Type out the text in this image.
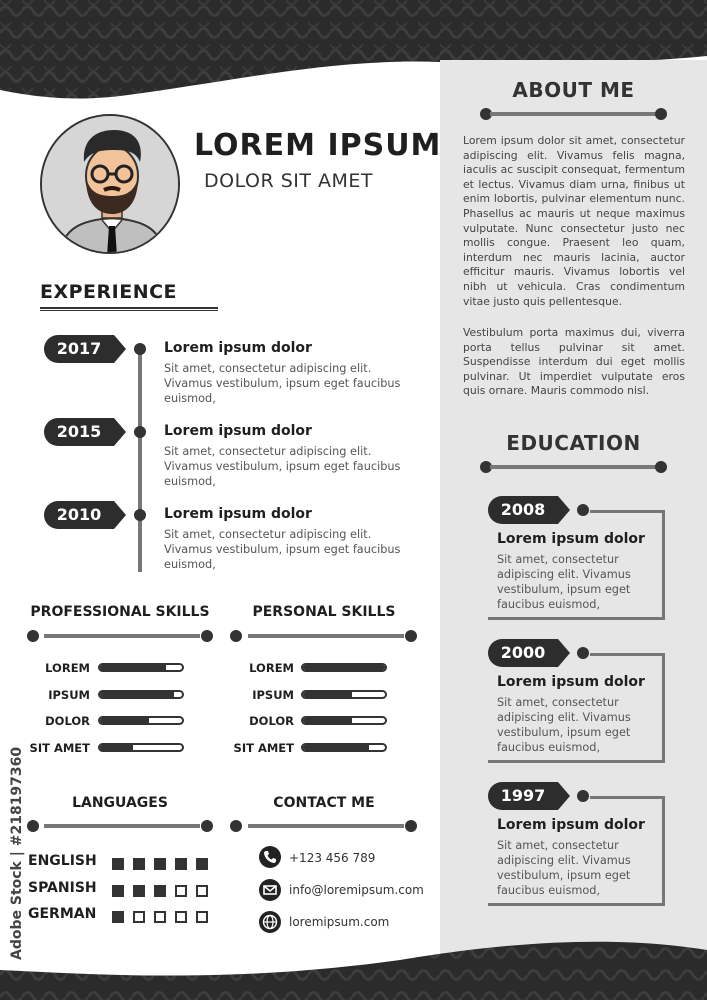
LOREM IPSUM
DOLOR SIT AMET
EXPERIENCE
2017	Lorem ipsum dolor
Sit amet, consectetur adipiscing elit. Vivamus vestibulum, ipsum eget faucibus euismod,
2015	Lorem ipsum dolor
Sit amet, consectetur adipiscing elit. Vivamus vestibulum, ipsum eget faucibus euismod,
2010	Lorem ipsum dolor
Sit amet, consectetur adipiscing elit. Vivamus vestibulum, ipsum eget faucibus euismod,
ABOUT ME
Lorem ipsum dolor sit amet, consectetur adipiscing elit. Vivamus felis magna, iaculis ac suscipit consequat, fermentum et lectus. Vivamus diam urna, finibus ut enim lobortis, pulvinar elementum nunc. Phasellus ac mauris ut neque maximus vulputate. Nunc consectetur justo nec mollis congue. Praesent leo quam, interdum nec mauris lacinia, auctor efficitur mauris. Vivamus lobortis vel nibh ut vehicula. Cras condimentum vitae justo quis pellentesque.
Vestibulum porta maximus dui, viverra porta tellus pulvinar sit amet. Suspendisse interdum dui eget mollis pulvinar. Ut imperdiet vulputate eros quis ornare. Mauris commodo nisl.
EDUCATION
2008
Lorem ipsum dolor
Sit amet, consectetur adipiscing elit. Vivamus vestibulum, ipsum eget faucibus euismod,
2000
Lorem ipsum dolor
Sit amet, consectetur adipiscing elit. Vivamus vestibulum, ipsum eget faucibus euismod,
1997
Lorem ipsum dolor
Sit amet, consectetur adipiscing elit. Vivamus vestibulum, ipsum eget faucibus euismod,
PROFESSIONAL SKILLS	PERSONAL SKILLS
LOREM
IPSUM
DOLOR
SIT AMET
LOREM
IPSUM
DOLOR
SIT AMET
LANGUAGES
ENGLISH
SPANISH
GERMAN
CONTACT ME
+123 456 789
info@loremipsum.com
loremipsum.com
Adobe Stock | #218197360
